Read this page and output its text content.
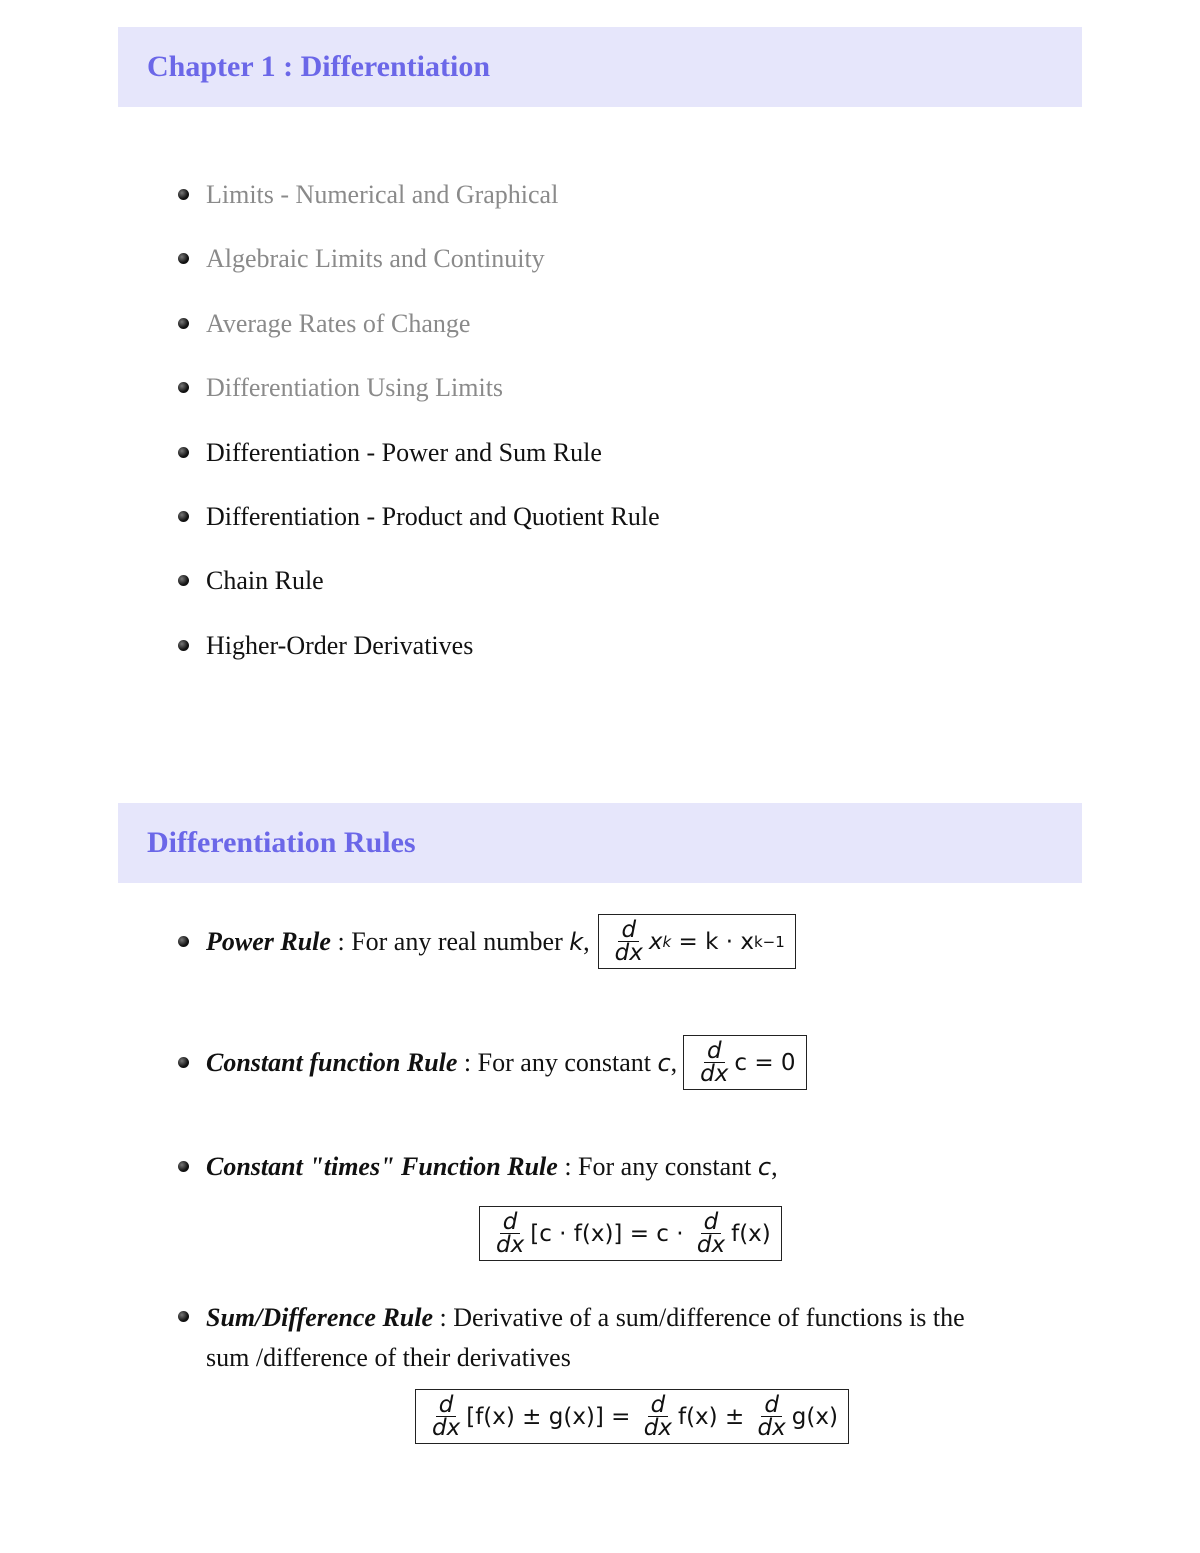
Chapter 1 : Differentiation
Limits - Numerical and Graphical
Algebraic Limits and Continuity
Average Rates of Change
Differentiation Using Limits
Differentiation - Power and Sum Rule
Differentiation - Product and Quotient Rule
Chain Rule
Higher-Order Derivatives
Differentiation Rules
Power Rule : For any real number k , $\frac{d}{dx}$ x k = k · x k−1
Constant function Rule : For any constant c , $\frac{d}{dx}$ c = 0
Constant "times" Function Rule : For any constant c ,
$\frac{d}{dx} [c \cdot f(x)] = c \cdot \frac{d}{dx} f(x)$
Sum/Difference Rule : Derivative of a sum/difference of functions is the
sum /difference of their derivatives
$\frac{d}{dx} [f(x) \pm g(x)] = \frac{d}{dx} f(x) \pm \frac{d}{dx} g(x)$
